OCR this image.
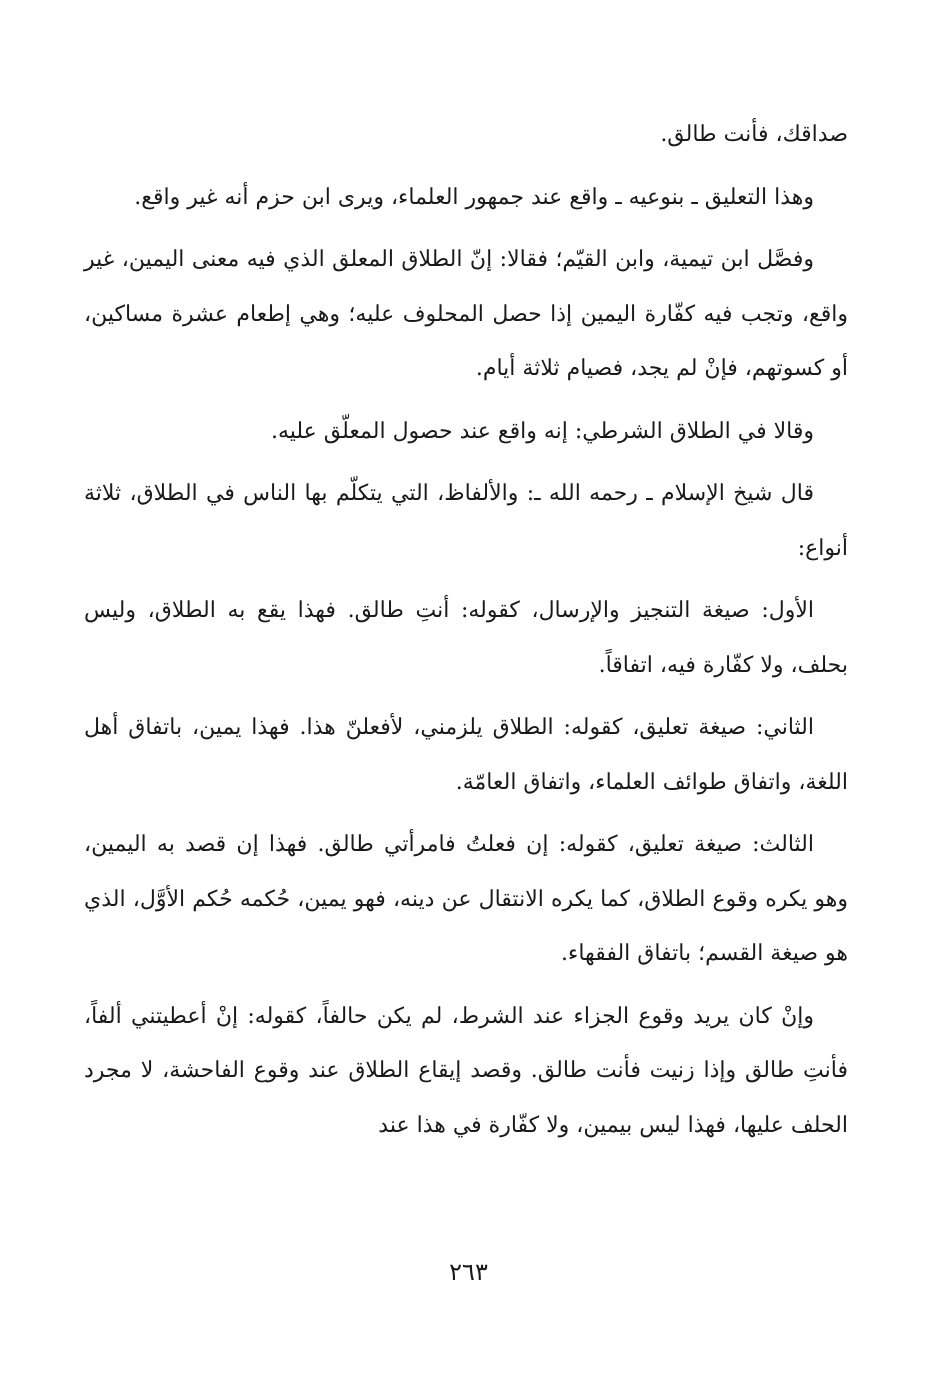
صداقك، فأنت طالق.

وهذا التعليق ـ بنوعيه ـ واقع عند جمهور العلماء، ويرى ابن حزم أنه غير واقع.

وفصَّل ابن تيمية، وابن القيّم؛ فقالا: إنّ الطلاق المعلق الذي فيه معنى اليمين، غير واقع، وتجب فيه كفّارة اليمين إذا حصل المحلوف عليه؛ وهي إطعام عشرة مساكين، أو كسوتهم، فإنْ لم يجد، فصيام ثلاثة أيام.

وقالا في الطلاق الشرطي: إنه واقع عند حصول المعلّق عليه.

قال شيخ الإسلام ـ رحمه الله ـ: والألفاظ، التي يتكلّم بها الناس في الطلاق، ثلاثة أنواع:

الأول: صيغة التنجيز والإرسال، كقوله: أنتِ طالق. فهذا يقع به الطلاق، وليس بحلف، ولا كفّارة فيه، اتفاقاً.

الثاني: صيغة تعليق، كقوله: الطلاق يلزمني، لأفعلنّ هذا. فهذا يمين، باتفاق أهل اللغة، واتفاق طوائف العلماء، واتفاق العامّة.

الثالث: صيغة تعليق، كقوله: إن فعلتُ فامرأتي طالق. فهذا إن قصد به اليمين، وهو يكره وقوع الطلاق، كما يكره الانتقال عن دينه، فهو يمين، حُكمه حُكم الأوَّل، الذي هو صيغة القسم؛ باتفاق الفقهاء.

وإنْ كان يريد وقوع الجزاء عند الشرط، لم يكن حالفاً، كقوله: إنْ أعطيتني ألفاً، فأنتِ طالق وإذا زنيت فأنت طالق. وقصد إيقاع الطلاق عند وقوع الفاحشة، لا مجرد الحلف عليها، فهذا ليس بيمين، ولا كفّارة في هذا عند

٢٦٣
